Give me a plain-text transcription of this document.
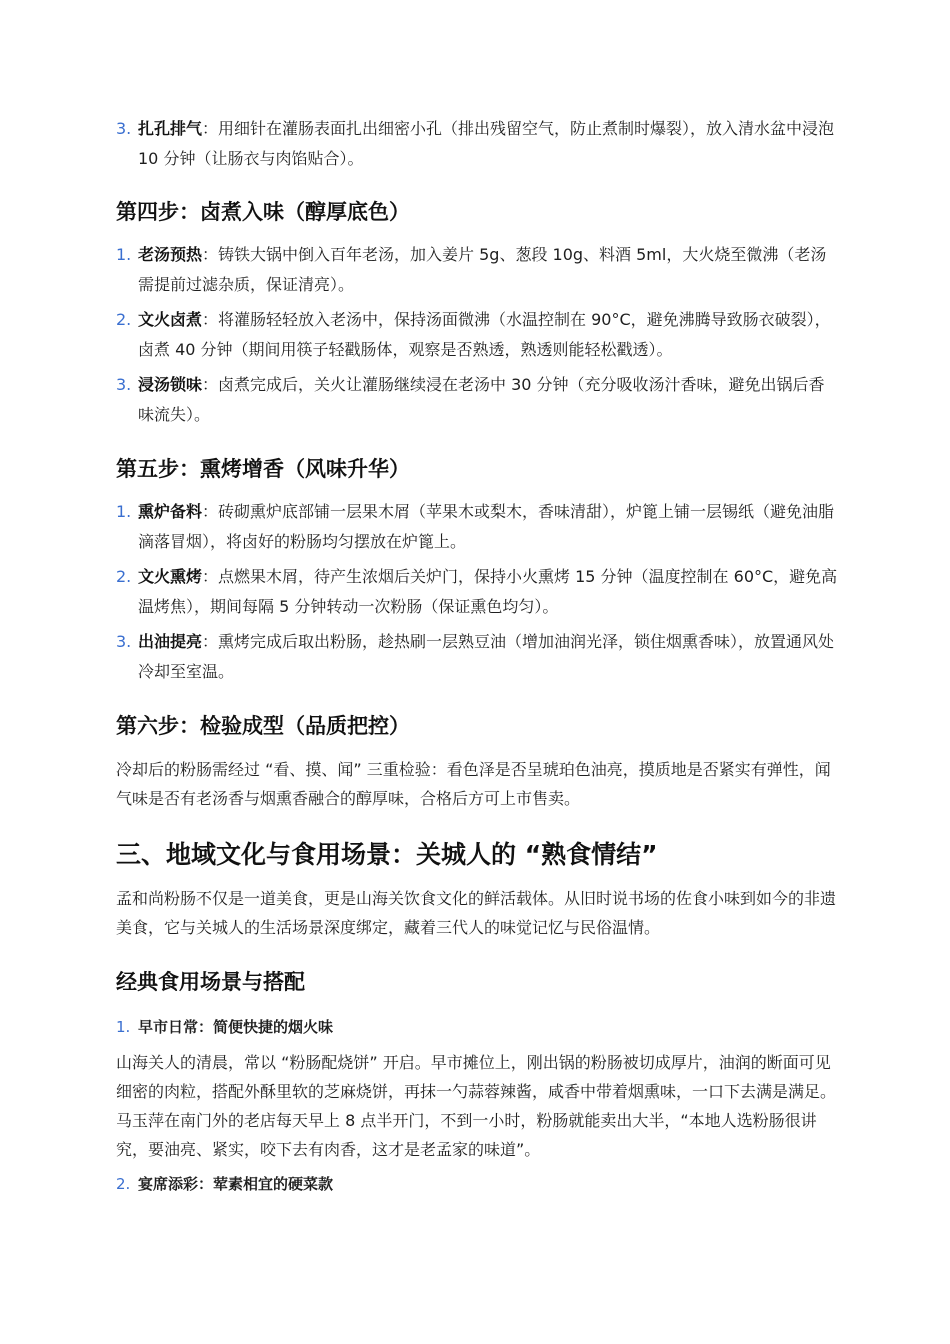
3. 扎孔排气：用细针在灌肠表面扎出细密小孔（排出残留空气，防止煮制时爆裂），放入清水盆中浸泡 10 分钟（让肠衣与肉馅贴合）。
第四步：卤煮入味（醇厚底色）
1. 老汤预热：铸铁大锅中倒入百年老汤，加入姜片 5g、葱段 10g、料酒 5ml，大火烧至微沸（老汤需提前过滤杂质，保证清亮）。
2. 文火卤煮：将灌肠轻轻放入老汤中，保持汤面微沸（水温控制在 90°C，避免沸腾导致肠衣破裂），卤煮 40 分钟（期间用筷子轻戳肠体，观察是否熟透，熟透则能轻松戳透）。
3. 浸汤锁味：卤煮完成后，关火让灌肠继续浸在老汤中 30 分钟（充分吸收汤汁香味，避免出锅后香味流失）。
第五步：熏烤增香（风味升华）
1. 熏炉备料：砖砌熏炉底部铺一层果木屑（苹果木或梨木，香味清甜），炉篦上铺一层锡纸（避免油脂滴落冒烟），将卤好的粉肠均匀摆放在炉篦上。
2. 文火熏烤：点燃果木屑，待产生浓烟后关炉门，保持小火熏烤 15 分钟（温度控制在 60°C，避免高温烤焦），期间每隔 5 分钟转动一次粉肠（保证熏色均匀）。
3. 出油提亮：熏烤完成后取出粉肠，趁热刷一层熟豆油（增加油润光泽，锁住烟熏香味），放置通风处冷却至室温。
第六步：检验成型（品质把控）

冷却后的粉肠需经过 “看、摸、闻” 三重检验：看色泽是否呈琥珀色油亮，摸质地是否紧实有弹性，闻气味是否有老汤香与烟熏香融合的醇厚味，合格后方可上市售卖。

三、地域文化与食用场景：关城人的 “熟食情结”

孟和尚粉肠不仅是一道美食，更是山海关饮食文化的鲜活载体。从旧时说书场的佐食小味到如今的非遗美食，它与关城人的生活场景深度绑定，藏着三代人的味觉记忆与民俗温情。

经典食用场景与搭配
1. 早市日常：简便快捷的烟火味

山海关人的清晨，常以 “粉肠配烧饼” 开启。早市摊位上，刚出锅的粉肠被切成厚片，油润的断面可见细密的肉粒，搭配外酥里软的芝麻烧饼，再抹一勺蒜蓉辣酱，咸香中带着烟熏味，一口下去满是满足。马玉萍在南门外的老店每天早上 8 点半开门，不到一小时，粉肠就能卖出大半，“本地人选粉肠很讲究，要油亮、紧实，咬下去有肉香，这才是老孟家的味道”。

2. 宴席添彩：荤素相宜的硬菜款
